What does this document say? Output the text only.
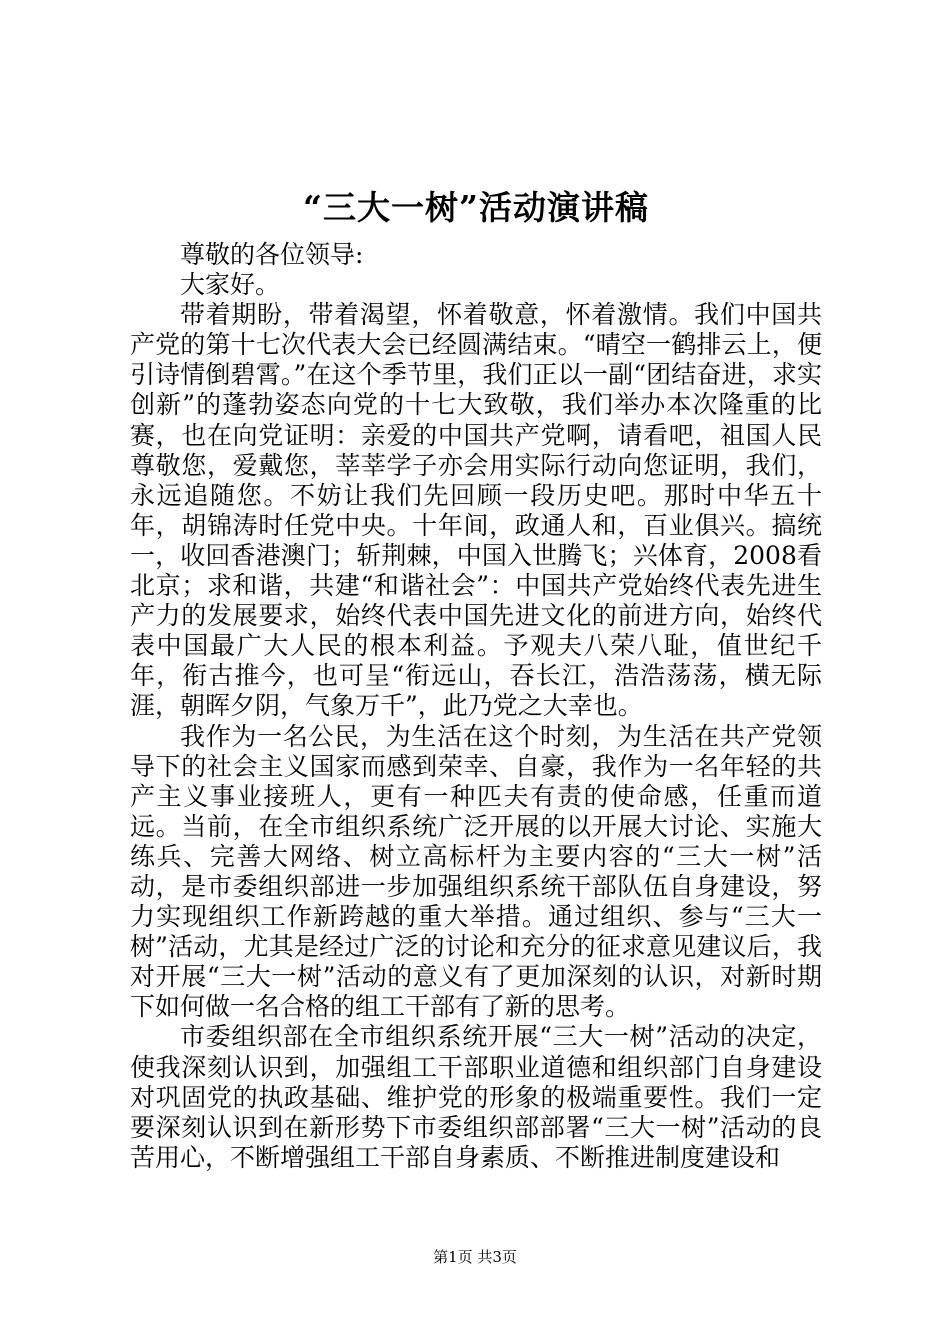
“三大一树”活动演讲稿

尊敬的各位领导:

大家好。

带着期盼，带着渴望，怀着敬意，怀着激情。我们中国共产党的第十七次代表大会已经圆满结束。“晴空一鹤排云上，便引诗情倒碧霄。”在这个季节里，我们正以一副“团结奋进，求实创新”的蓬勃姿态向党的十七大致敬，我们举办本次隆重的比赛，也在向党证明：亲爱的中国共产党啊，请看吧，祖国人民尊敬您，爱戴您，莘莘学子亦会用实际行动向您证明，我们，永远追随您。不妨让我们先回顾一段历史吧。那时中华五十年，胡锦涛时任党中央。十年间，政通人和，百业俱兴。搞统一，收回香港澳门；斩荆棘，中国入世腾飞；兴体育，2008看北京；求和谐，共建“和谐社会”：中国共产党始终代表先进生产力的发展要求，始终代表中国先进文化的前进方向，始终代表中国最广大人民的根本利益。予观夫八荣八耻，值世纪千年，衔古推今，也可呈“衔远山，吞长江，浩浩荡荡，横无际涯，朝晖夕阴，气象万千”，此乃党之大幸也。

我作为一名公民，为生活在这个时刻，为生活在共产党领导下的社会主义国家而感到荣幸、自豪，我作为一名年轻的共产主义事业接班人，更有一种匹夫有责的使命感，任重而道远。当前，在全市组织系统广泛开展的以开展大讨论、实施大练兵、完善大网络、树立高标杆为主要内容的“三大一树”活动，是市委组织部进一步加强组织系统干部队伍自身建设，努力实现组织工作新跨越的重大举措。通过组织、参与“三大一树”活动，尤其是经过广泛的讨论和充分的征求意见建议后，我对开展“三大一树”活动的意义有了更加深刻的认识，对新时期下如何做一名合格的组工干部有了新的思考。

市委组织部在全市组织系统开展“三大一树”活动的决定，使我深刻认识到，加强组工干部职业道德和组织部门自身建设对巩固党的执政基础、维护党的形象的极端重要性。我们一定要深刻认识到在新形势下市委组织部部署“三大一树”活动的良苦用心，不断增强组工干部自身素质、不断推进制度建设和

第1页 共3页
